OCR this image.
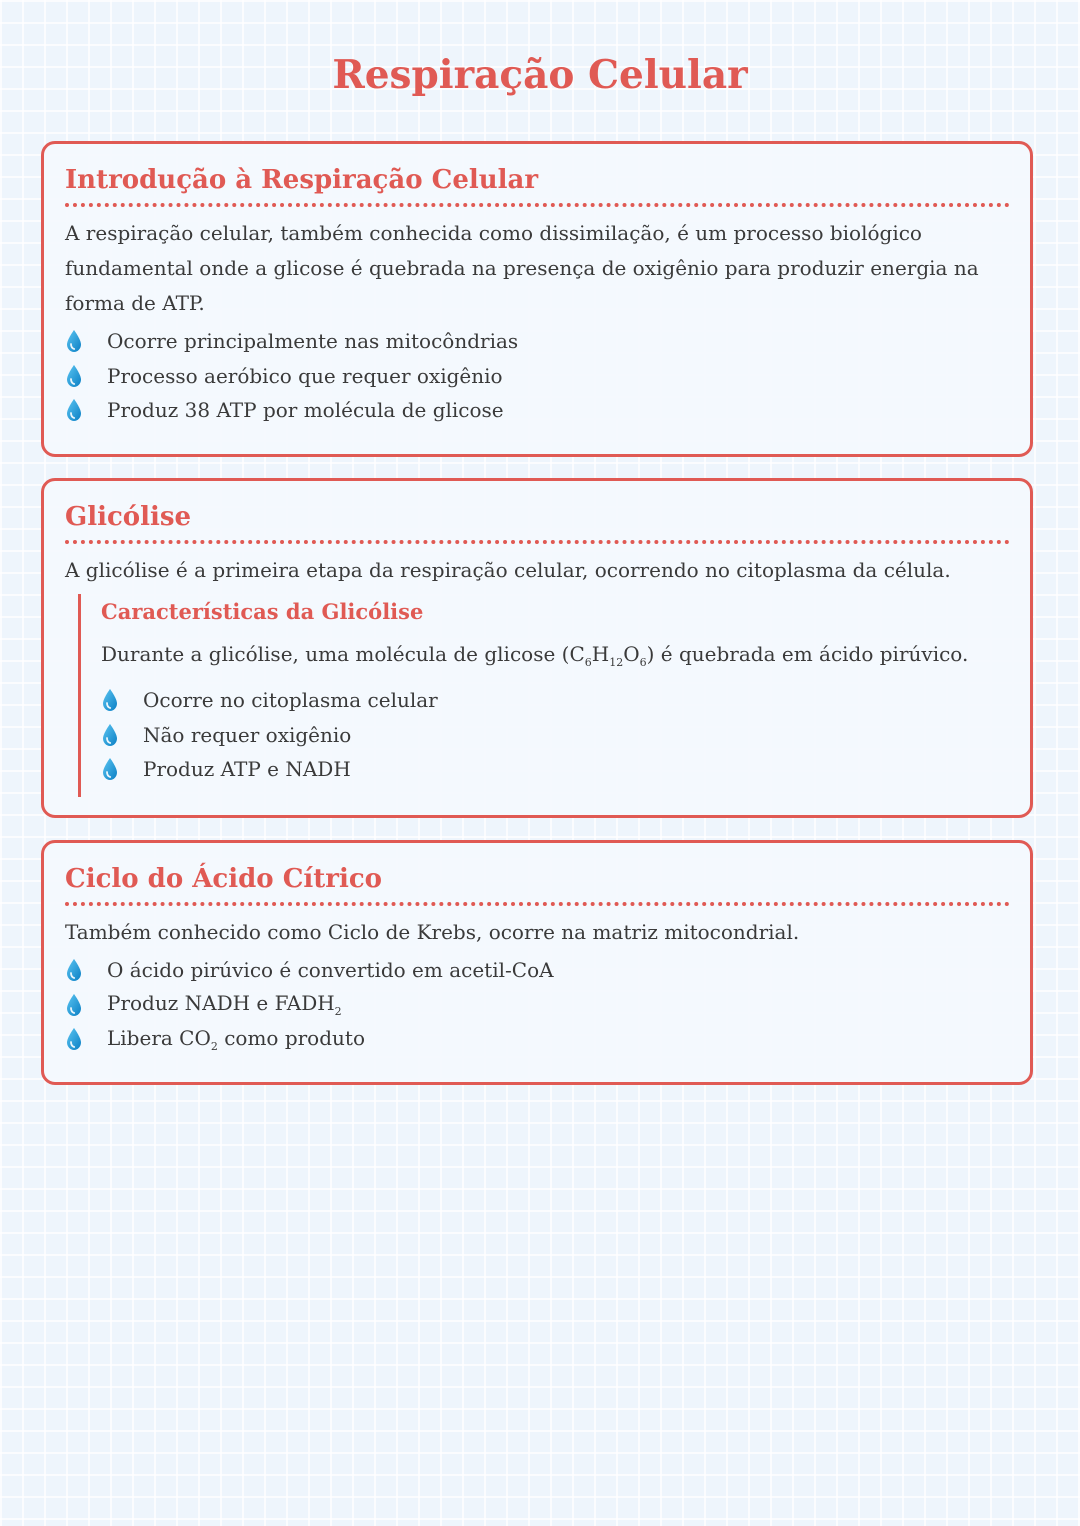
Respiração Celular
Introdução à Respiração Celular

A respiração celular, também conhecida como dissimilação, é um processo biológico fundamental onde a glicose é quebrada na presença de oxigênio para produzir energia na forma de ATP.

Ocorre principalmente nas mitocôndrias
Processo aeróbico que requer oxigênio
Produz 38 ATP por molécula de glicose
Glicólise

A glicólise é a primeira etapa da respiração celular, ocorrendo no citoplasma da célula.

Características da Glicólise

Durante a glicólise, uma molécula de glicose $(C_6H_{12}O_6)$ é quebrada em ácido pirúvico.

Ocorre no citoplasma celular
Não requer oxigênio
Produz ATP e NADH
Ciclo do Ácido Cítrico

Também conhecido como Ciclo de Krebs, ocorre na matriz mitocondrial.

O ácido pirúvico é convertido em acetil-CoA
Produz NADH e $FADH_2$
Libera $CO_2$ como produto
